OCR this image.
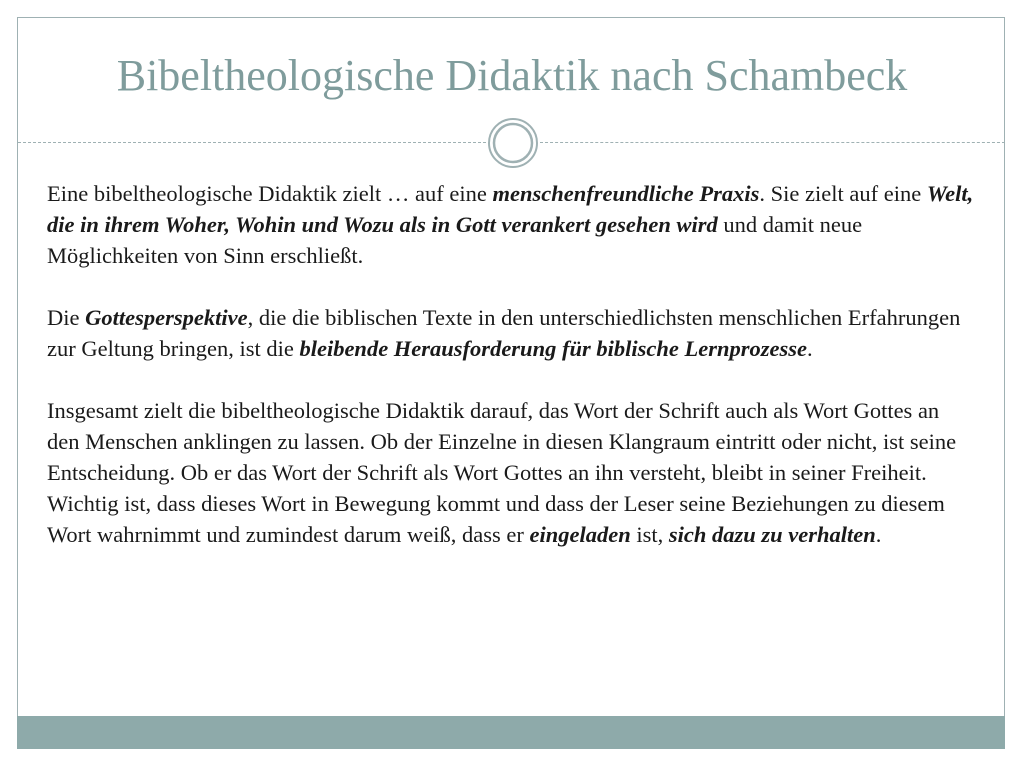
Bibeltheologische Didaktik nach Schambeck

Eine bibeltheologische Didaktik zielt … auf eine menschenfreundliche Praxis. Sie zielt auf eine Welt, die in ihrem Woher, Wohin und Wozu als in Gott verankert gesehen wird und damit neue Möglichkeiten von Sinn erschließt.

Die Gottesperspektive, die die biblischen Texte in den unterschiedlichsten menschlichen Erfahrungen zur Geltung bringen, ist die bleibende Herausforderung für biblische Lernprozesse.

Insgesamt zielt die bibeltheologische Didaktik darauf, das Wort der Schrift auch als Wort Gottes an den Menschen anklingen zu lassen. Ob der Einzelne in diesen Klangraum eintritt oder nicht, ist seine Entscheidung. Ob er das Wort der Schrift als Wort Gottes an ihn versteht, bleibt in seiner Freiheit.

Wichtig ist, dass dieses Wort in Bewegung kommt und dass der Leser seine Beziehungen zu diesem Wort wahrnimmt und zumindest darum weiß, dass er eingeladen ist, sich dazu zu verhalten.
